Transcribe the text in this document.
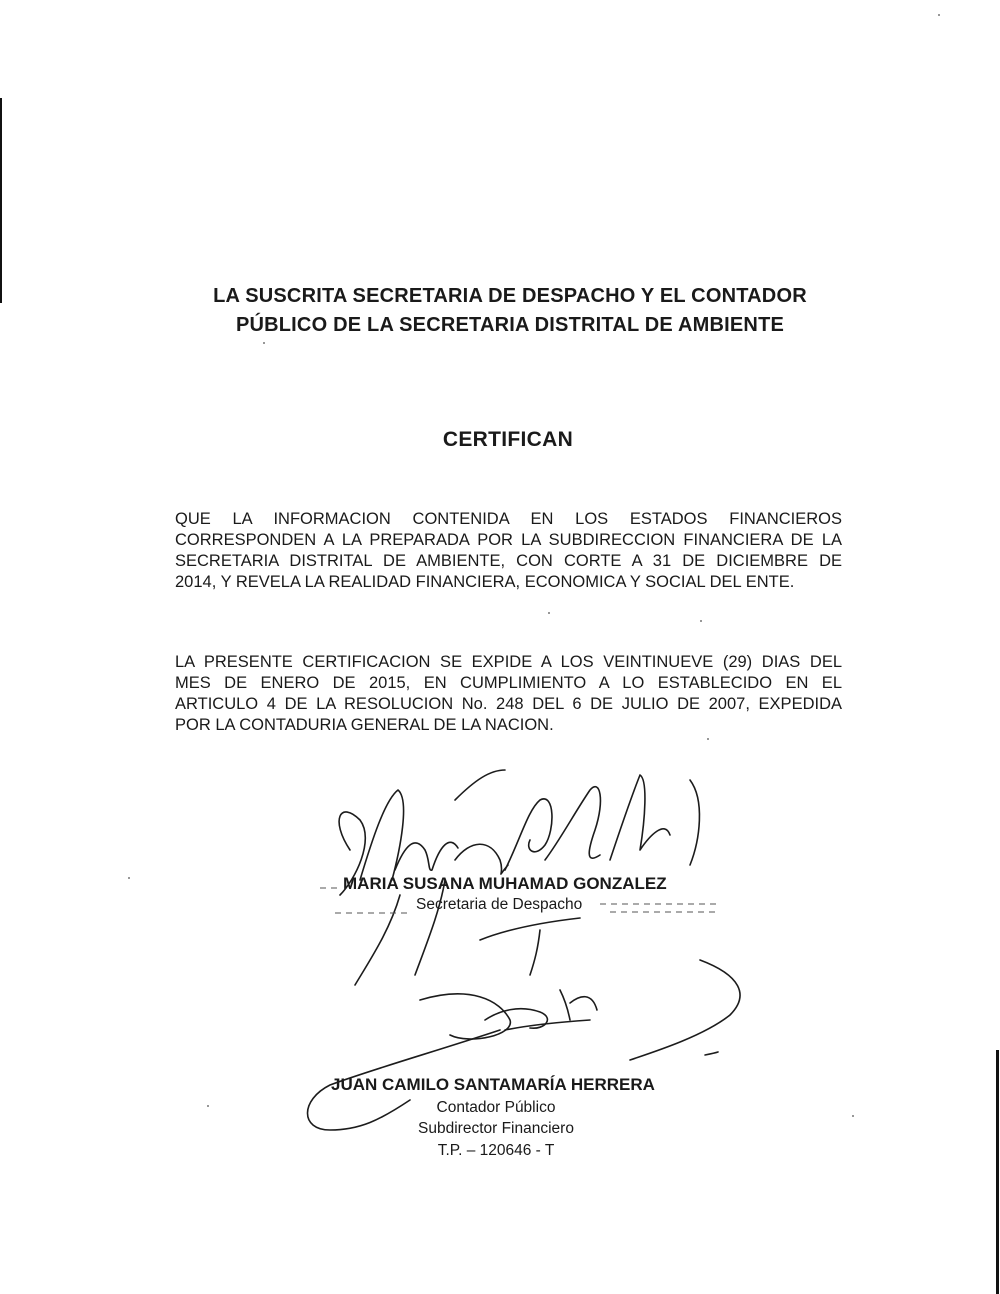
LA SUSCRITA SECRETARIA DE DESPACHO Y EL CONTADOR
PÚBLICO DE LA SECRETARIA DISTRITAL DE AMBIENTE
CERTIFICAN
QUE LA INFORMACION CONTENIDA EN LOS ESTADOS FINANCIEROS
CORRESPONDEN A LA PREPARADA POR LA SUBDIRECCION FINANCIERA DE LA
SECRETARIA DISTRITAL DE AMBIENTE, CON CORTE A 31 DE DICIEMBRE DE
2014, Y REVELA LA REALIDAD FINANCIERA, ECONOMICA Y SOCIAL DEL ENTE.
LA PRESENTE CERTIFICACION SE EXPIDE A LOS VEINTINUEVE (29) DIAS DEL
MES DE ENERO DE 2015, EN CUMPLIMIENTO A LO ESTABLECIDO EN EL
ARTICULO 4 DE LA RESOLUCION No. 248 DEL 6 DE JULIO DE 2007, EXPEDIDA
POR LA CONTADURIA GENERAL DE LA NACION.
MARIA SUSANA MUHAMAD GONZALEZ
Secretaria de Despacho
JUAN CAMILO SANTAMARÍA HERRERA
Contador Público
Subdirector Financiero
T.P. – 120646 - T
